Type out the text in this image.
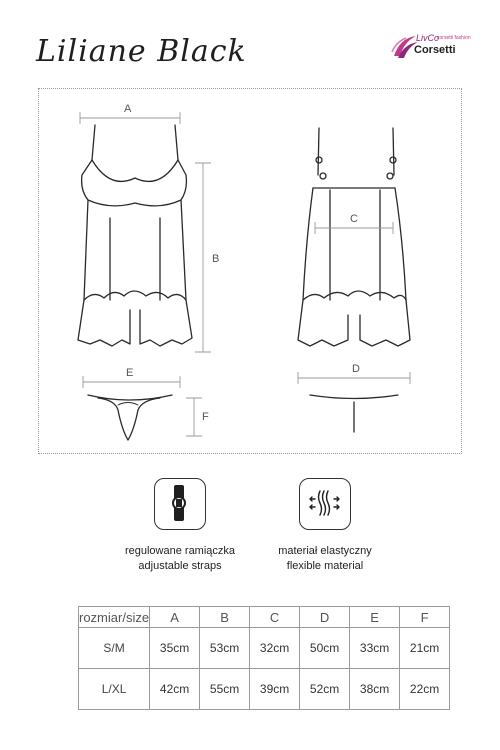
Liliane Black	LivCo
corsetti fashion
Corsetti
A
B
C
D
E
F
regulowane ramiączka
adjustable straps
materiał elastyczny
flexible material
rozmiar/size	A	B	C	D	E	F
S/M	35cm	53cm	32cm	50cm	33cm	21cm
L/XL	42cm	55cm	39cm	52cm	38cm	22cm
